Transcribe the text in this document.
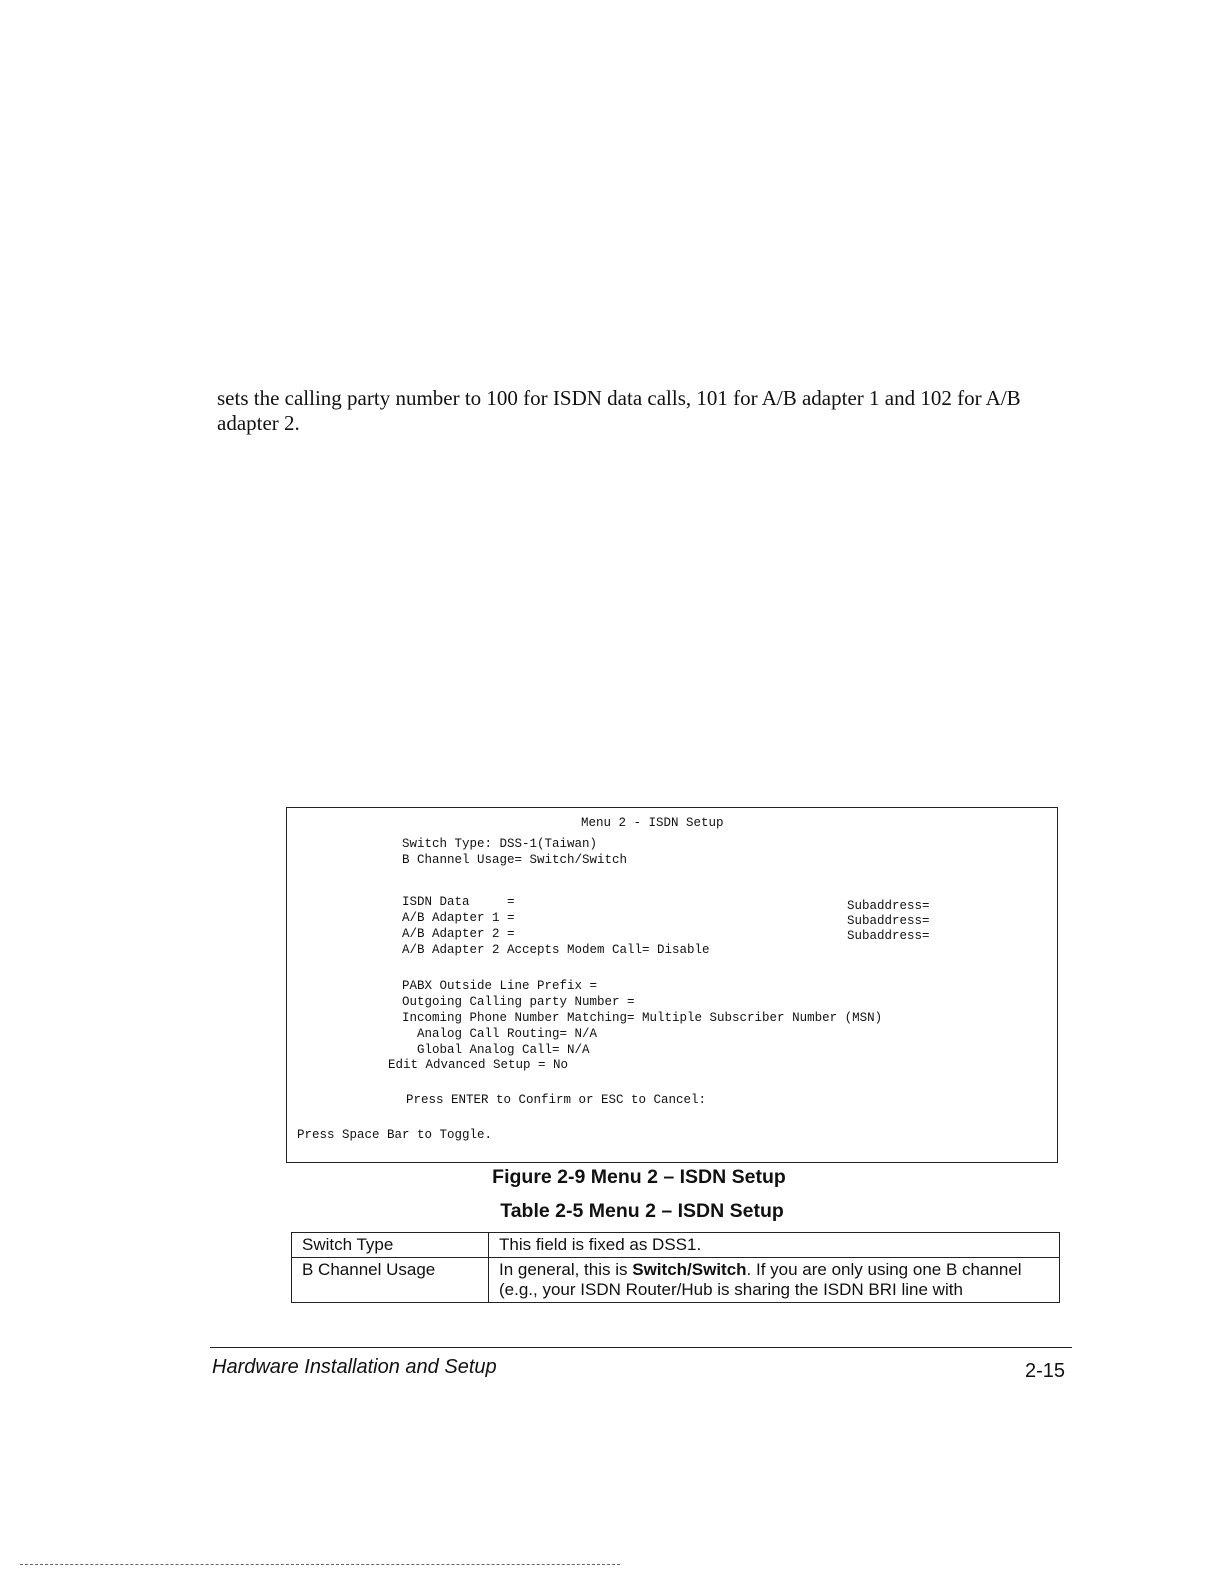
sets the calling party number to 100 for ISDN data calls, 101 for A/B adapter 1 and 102 for A/B adapter 2.
Menu 2 - ISDN Setup
Switch Type: DSS-1(Taiwan)
B Channel Usage= Switch/Switch
ISDN Data     =	Subaddress=
A/B Adapter 1 =	Subaddress=
A/B Adapter 2 =	Subaddress=
A/B Adapter 2 Accepts Modem Call= Disable
PABX Outside Line Prefix =
Outgoing Calling party Number =
Incoming Phone Number Matching= Multiple Subscriber Number (MSN)
Analog Call Routing= N/A
Global Analog Call= N/A
Edit Advanced Setup = No
Press ENTER to Confirm or ESC to Cancel:
Press Space Bar to Toggle.
Figure 2-9 Menu 2 – ISDN Setup
Table 2-5 Menu 2 – ISDN Setup
Switch Type	This field is fixed as DSS1.
B Channel Usage	In general, this is Switch/Switch. If you are only using one B channel (e.g., your ISDN Router/Hub is sharing the ISDN BRI line with
Hardware Installation and Setup	2-15
